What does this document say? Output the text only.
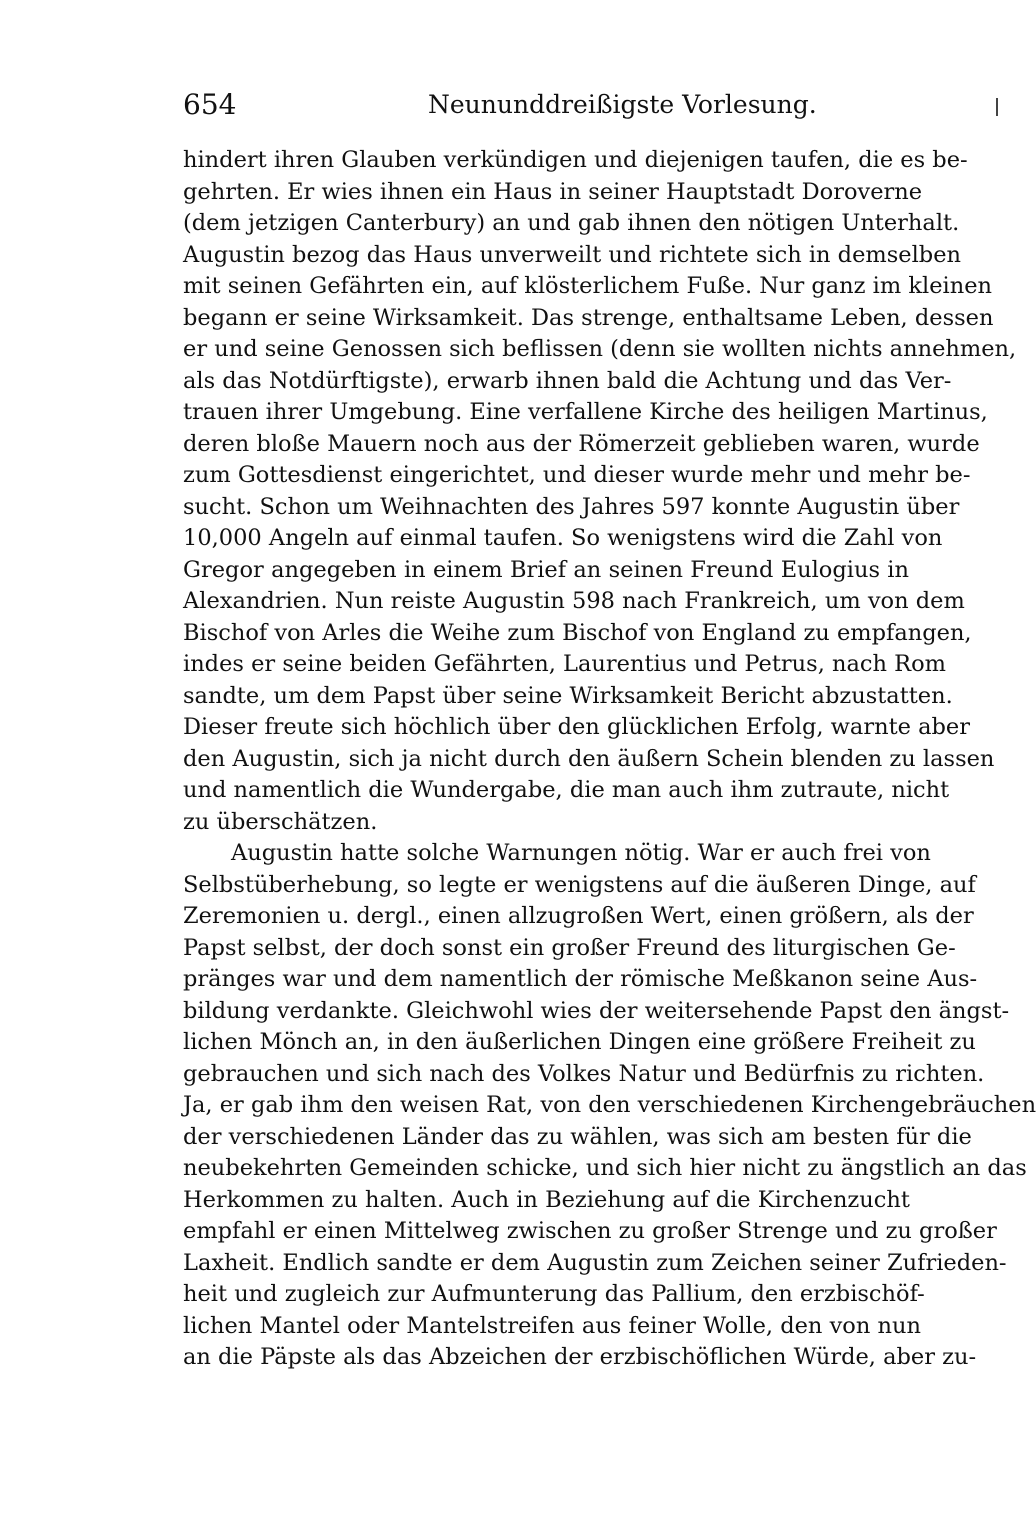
654	Neununddreißigste Vorlesung.
hindert ihren Glauben verkündigen und diejenigen taufen, die es be-
gehrten. Er wies ihnen ein Haus in seiner Hauptstadt Dorovernе
(dem jetzigen Canterbury) an und gab ihnen den nötigen Unterhalt.
Augustin bezog das Haus unverweilt und richtete sich in demselben
mit seinen Gefährten ein, auf klösterlichem Fuße. Nur ganz im kleinen
begann er seine Wirksamkeit. Das strenge, enthaltsame Leben, dessen
er und seine Genossen sich beflissen (denn sie wollten nichts annehmen,
als das Notdürftigste), erwarb ihnen bald die Achtung und das Ver-
trauen ihrer Umgebung. Eine verfallene Kirche des heiligen Martinus,
deren bloße Mauern noch aus der Römerzeit geblieben waren, wurde
zum Gottesdienst eingerichtet, und dieser wurde mehr und mehr be-
sucht. Schon um Weihnachten des Jahres 597 konnte Augustin über
10,000 Angeln auf einmal taufen. So wenigstens wird die Zahl von
Gregor angegeben in einem Brief an seinen Freund Eulogius in
Alexandrien. Nun reiste Augustin 598 nach Frankreich, um von dem
Bischof von Arles die Weihe zum Bischof von England zu empfangen,
indes er seine beiden Gefährten, Laurentius und Petrus, nach Rom
sandte, um dem Papst über seine Wirksamkeit Bericht abzustatten.
Dieser freute sich höchlich über den glücklichen Erfolg, warnte aber
den Augustin, sich ja nicht durch den äußern Schein blenden zu lassen
und namentlich die Wundergabe, die man auch ihm zutraute, nicht
zu überschätzen.
Augustin hatte solche Warnungen nötig. War er auch frei von
Selbstüberhebung, so legte er wenigstens auf die äußeren Dinge, auf
Zeremonien u. dergl., einen allzugroßen Wert, einen größern, als der
Papst selbst, der doch sonst ein großer Freund des liturgischen Ge-
pränges war und dem namentlich der römische Meßkanon seine Aus-
bildung verdankte. Gleichwohl wies der weitersehende Papst den ängst-
lichen Mönch an, in den äußerlichen Dingen eine größere Freiheit zu
gebrauchen und sich nach des Volkes Natur und Bedürfnis zu richten.
Ja, er gab ihm den weisen Rat, von den verschiedenen Kirchengebräuchen
der verschiedenen Länder das zu wählen, was sich am besten für die
neubekehrten Gemeinden schicke, und sich hier nicht zu ängstlich an das
Herkommen zu halten. Auch in Beziehung auf die Kirchenzucht
empfahl er einen Mittelweg zwischen zu großer Strenge und zu großer
Laxheit. Endlich sandte er dem Augustin zum Zeichen seiner Zufrieden-
heit und zugleich zur Aufmunterung das Pallium, den erzbischöf-
lichen Mantel oder Mantelstreifen aus feiner Wolle, den von nun
an die Päpste als das Abzeichen der erzbischöflichen Würde, aber zu-
